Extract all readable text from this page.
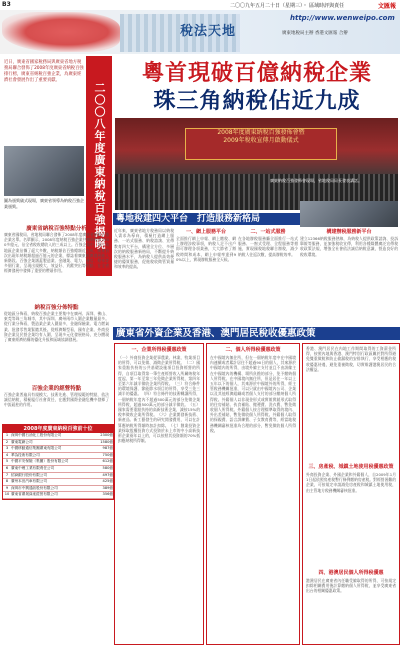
B3	二〇〇九年五月二十日（星期三）・ 區域時評與責任	文匯報
稅法天地
http://www.wenweipo.com
廣東地稅局主辦 香港文匯報 合辦
近日，廣東省國家稅務局與廣東省地方稅務局聯合發佈了2008年度廣東省納稅百強排行榜，廣東省納稅百強企業，為廣東經濟社會發展作出了重要貢獻。
圖為頒獎儀式現場，廣東省領導為納稅百強企業頒獎。	二〇〇八年度廣東納稅百強揭曉
廣東省納稅百強特點分析
廣東省國稅局、省地稅局聯合發佈了2008年度廣東省納稅百強企業名單。名單顯示，2008年度納稅百強企業共繳納稅收2300多億元，佔全省稅收總收入的三成以上。百強企業中，珠三角地區企業佔據了絕大多數，納稅額佔百強總額近九成。廣東首次出現年納稅額超過百億元的企業，標誌着廣東經濟發展進入新階段。百強企業涵蓋製造業、金融業、電力、通信、煙草等多個行業，呈現出規模大、效益好、貢獻突出等特點，在全省經濟發展中發揮了重要的帶頭作用。
納稅百強分佈特點
從地區分佈看，納稅百強企業主要集中在廣州、深圳、佛山、東莞等珠三角城市，其中深圳、廣州兩市入圍企業數量最多。從行業分佈看，製造業企業入圍最多，金融保險業、電力燃氣業、批發零售業緊隨其後。從經濟類型看，國有企業、外商投資企業及民營企業均有入圍，呈現多元化發展格局，充分體現了廣東經濟結構的優化升級和區域協調發展。
百強企業的經營特點
百強企業普遍具有規模大、技術先進、管理規範的特點，依法誠信納稅，積極履行社會責任，在應對國際金融危機中發揮了中流砥柱的作用。
2008年度廣東納稅百強前十位
1 深圳中國石油化工股份有限公司	2300億
2 廣東電網公司	1580億
3 中國移動通信集團廣東有限公司	987億
4 華為技術有限公司	750億
5 中國平安保險（集團）股份有限公司	612億
6 廣東中煙工業有限責任公司	580億
7 招商銀行股份有限公司	497億
8 廣州本田汽車有限公司	425億
9 深圳市中興通訊股份有限公司	389億
10 廣東省廣晟資產經營有限公司	356億
粵首現破百億納稅企業
珠三角納稅佔近九成
2008年度廣東納稅百強發佈會暨
2009年稅收宣傳月啟動儀式
廣東納稅百強發佈會現場，省地稅局局長發表講話。
粵地稅建四大平台　打造服務新格局
近年來，廣東省地方稅務局以納稅人需求為導向，積極打造網上服務、一站式服務、納稅諮詢、宣傳教育四大平台，構建全方位、多層次的納稅服務新格局，不斷提升納稅服務水平，為納稅人提供高效便捷的優質服務，促進稅收徵管質量和效率的提高。
一、網上服務平台
全面推行網上申報、網上繳稅、網上辦理涉稅事項，納稅人足不出戶即可辦理各項業務，大大節省了辦稅時間和成本，網上申報率達到90%以上，實現辦稅服務全天候。
二、一站式服務
在各地辦稅服務廳全面推行一站式服務、一窗式受理、全程服務等措施，實現國稅地稅聯合辦稅，減少納稅人往返次數，提高辦稅效率。
構建辦稅服務新平台
建立12366納稅服務熱線，為納稅人提供政策諮詢、投訴舉報等服務，並加強稅收宣傳，利用各種媒體廣泛宣傳稅收政策法規，增強全社會依法誠信納稅意識，營造良好的稅收環境。
廣東省外資企業及香港、澳門居民稅收優惠政策
一、企業所得稅優惠政策
（一）外商投資企業從事農業、林業、牧業項目的所得，可以免徵、減徵企業所得稅。（二）國家重點扶持的公共基礎設施項目投資經營的所得，自項目取得第一筆生產經營收入所屬納稅年度起，第一年至第三年免徵企業所得稅，第四年至第六年減半徵收企業所得稅。（三）符合條件的環境保護、節能節水項目的所得，享受三免三減半的優惠。（四）符合條件的技術轉讓所得，一個納稅年度內不超過500萬元的部分免徵企業所得稅，超過500萬元的部分減半徵收。（五）國家需要重點扶持的高新技術企業，減按15%的稅率徵收企業所得稅。（六）企業開發新技術、新產品、新工藝發生的研究開發費用，可以在計算應納稅所得額時加計扣除。（七）創業投資企業採取股權投資方式投資於未上市的中小高新技術企業兩年以上的，可以按照其投資額的70%抵扣應納稅所得額。
二、個人所得稅優惠政策
在中國境內無住所，但在一個納稅年度中在中國境內連續或者累計居住不超過90日的個人，其來源於中國境內的所得，由境外僱主支付並且不由該僱主在中國境內的機構、場所負擔的部分，免予繳納個人所得稅。在中國境內無住所，但是居住一年以上五年以下的個人，其來源於中國境外的所得，經主管稅務機關批准，可以只就由中國境內公司、企業以及其他經濟組織或者個人支付的部分繳納個人所得稅。外籍個人以非現金形式或實報實銷形式取得的住房補貼、伙食補貼、搬遷費、洗衣費，暫免徵收個人所得稅。外籍個人按合理標準取得的境內、外出差補貼，暫免徵收個人所得稅。外籍個人取得的探親費、語言訓練費、子女教育費等，經當地稅務機關審核批准為合理的部分，暫免徵收個人所得稅。
香港、澳門居民在內地工作期間取得的工資薪金所得，按照內地與香港、澳門特別行政區關於對所得避免雙重徵稅和防止偷漏稅的安排執行，享受相應的稅收優惠待遇，避免重複徵稅，切實維護港澳居民的合法權益。
三、房產稅、城鎮土地使用稅優惠政策
外商投資企業、外國企業和外籍個人，自2009年1月1日起依照房產稅暫行條例繳納房產稅。對經營困難的企業，可按規定申請減免房產稅和城鎮土地使用稅，由主管地方稅務機關審核批准。
四、港澳居民個人所得稅優惠
港澳居民在廣東省內任職受僱取得的所得，可按規定扣除相關費用後計算繳納個人所得稅，並享受廣東省出台的相關優惠政策。
